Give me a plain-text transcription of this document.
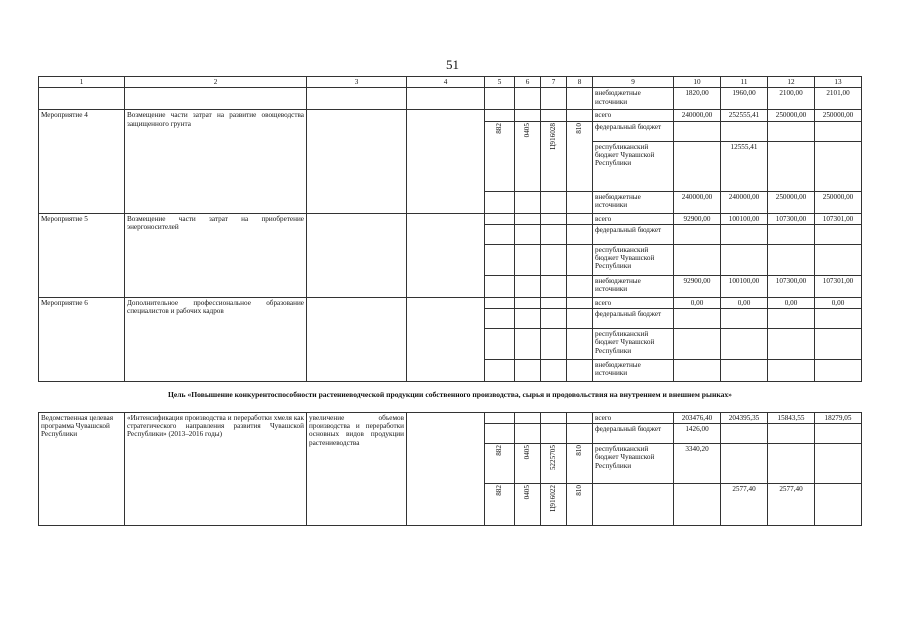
51
1	2	3	4	5	6	7	8	9	10	11	12	13
								внебюджетные источники	1820,00	1960,00	2100,00	2101,00
Мероприятие 4	Возмещение части затрат на развитие овощеводства защищенного грунта							всего	240000,00	252555,41	250000,00	250000,00

				882	0405	Ц916028	810	федеральный бюджет				
								республиканский бюджет Чувашской Республики		12555,41		
								внебюджетные источники	240000,00	240000,00	250000,00	250000,00
Мероприятие 5	Возмещение части затрат на приобретение энергоносителей							всего	92900,00	100100,00	107300,00	107301,00
								федеральный бюджет				
								республиканский бюджет Чувашской Республики				
								внебюджетные источники	92900,00	100100,00	107300,00	107301,00
Мероприятие 6	Дополнительное профессиональное образование специалистов и рабочих кадров							всего	0,00	0,00	0,00	0,00
								федеральный бюджет				
								республиканский бюджет Чувашской Республики				
								внебюджетные источники				
Цель «Повышение конкурентоспособности растениеводческой продукции собственного производства, сырья и продовольствия на внутреннем и внешнем рынках»												
Ведомственная целевая программа Чувашской Республики	«Интенсификация производства и переработки хмеля как стратегического направления развития Чувашской Республики» (2013–2016 годы)	увеличение объемов производства и переработки основных видов продукции растениеводства						всего	203476,40	204395,35	15843,55	18279,05
								федеральный бюджет	1426,00			

				882	0405	5225705	810	республиканский бюджет Чувашской Республики	3340,20			

				882	0405	Ц916022	810			2577,40	2577,40	
